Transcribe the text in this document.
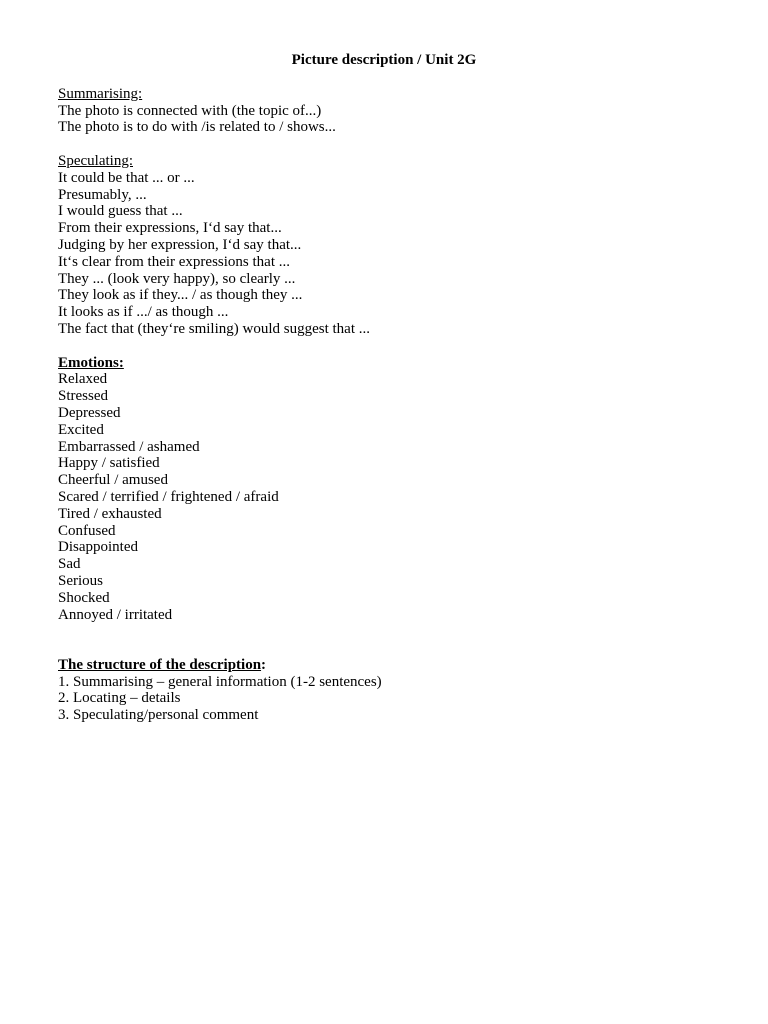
Picture description / Unit 2G
Summarising:
The photo is connected with (the topic of...)
The photo is to do with /is related to / shows...
Speculating:
It could be that ... or ...
Presumably, ...
I would guess that ...
From their expressions, I‘d say that...
Judging by her expression, I‘d say that...
It‘s clear from their expressions that ...
They ... (look very happy), so clearly ...
They look as if they... / as though they ...
It looks as if .../ as though ...
The fact that (they‘re smiling) would suggest that ...
Emotions:
Relaxed
Stressed
Depressed
Excited
Embarrassed / ashamed
Happy / satisfied
Cheerful / amused
Scared / terrified / frightened / afraid
Tired / exhausted
Confused
Disappointed
Sad
Serious
Shocked
Annoyed / irritated
The structure of the description:
1. Summarising – general information (1-2 sentences)
2. Locating – details
3. Speculating/personal comment
